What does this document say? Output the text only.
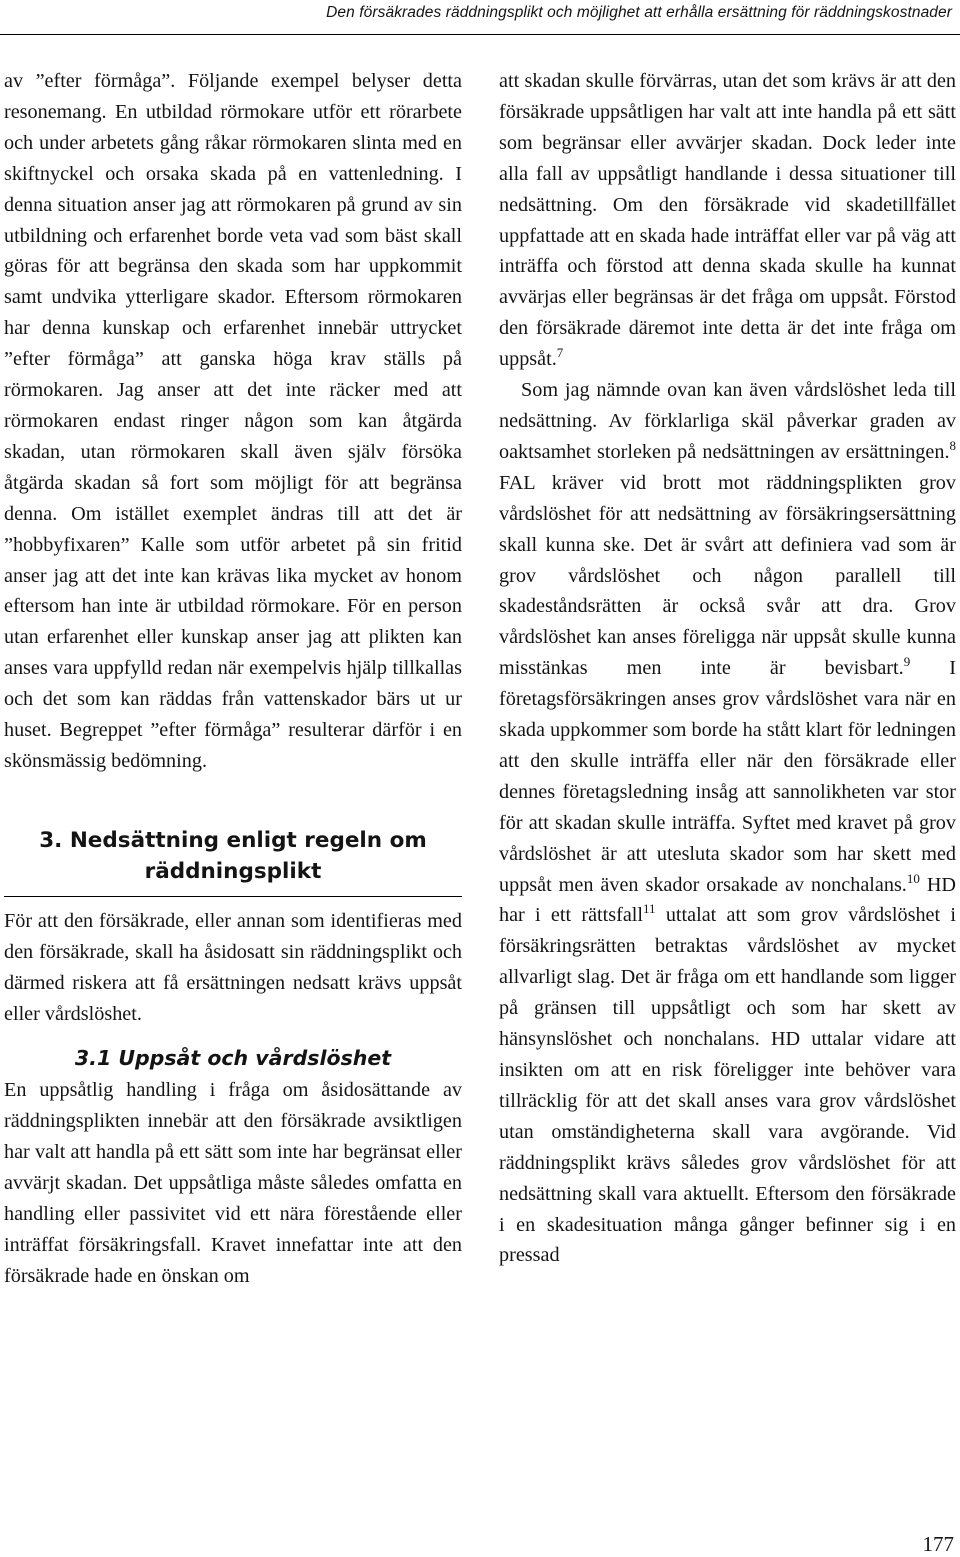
Den försäkrades räddningsplikt och möjlighet att erhålla ersättning för räddningskostnader

av ”efter förmåga”. Följande exempel belyser detta resonemang. En utbildad rörmokare utför ett rörarbete och under arbetets gång råkar rörmokaren slinta med en skiftnyckel och orsaka skada på en vattenledning. I denna situation anser jag att rörmokaren på grund av sin utbildning och erfarenhet borde veta vad som bäst skall göras för att begränsa den skada som har uppkommit samt undvika ytterligare skador. Eftersom rörmokaren har denna kunskap och erfarenhet innebär uttrycket ”efter förmåga” att ganska höga krav ställs på rörmokaren. Jag anser att det inte räcker med att rörmokaren endast ringer någon som kan åtgärda skadan, utan rörmokaren skall även själv försöka åtgärda skadan så fort som möjligt för att begränsa denna. Om istället exemplet ändras till att det är ”hobbyfixaren” Kalle som utför arbetet på sin fritid anser jag att det inte kan krävas lika mycket av honom eftersom han inte är utbildad rörmokare. För en person utan erfarenhet eller kunskap anser jag att plikten kan anses vara uppfylld redan när exempelvis hjälp tillkallas och det som kan räddas från vattenskador bärs ut ur huset. Begreppet ”efter förmåga” resulterar därför i en skönsmässig bedömning.

3. Nedsättning enligt regeln om räddningsplikt

För att den försäkrade, eller annan som identifieras med den försäkrade, skall ha åsidosatt sin räddningsplikt och därmed riskera att få ersättningen nedsatt krävs uppsåt eller vårdslöshet.

3.1 Uppsåt och vårdslöshet

En uppsåtlig handling i fråga om åsidosättande av räddningsplikten innebär att den försäkrade avsiktligen har valt att handla på ett sätt som inte har begränsat eller avvärjt skadan. Det uppsåtliga måste således omfatta en handling eller passivitet vid ett nära förestående eller inträffat försäkringsfall. Kravet innefattar inte att den försäkrade hade en önskan om

att skadan skulle förvärras, utan det som krävs är att den försäkrade uppsåtligen har valt att inte handla på ett sätt som begränsar eller avvärjer skadan. Dock leder inte alla fall av uppsåtligt handlande i dessa situationer till nedsättning. Om den försäkrade vid skadetillfället uppfattade att en skada hade inträffat eller var på väg att inträffa och förstod att denna skada skulle ha kunnat avvärjas eller begränsas är det fråga om uppsåt. Förstod den försäkrade däremot inte detta är det inte fråga om uppsåt.$^7$

Som jag nämnde ovan kan även vårdslöshet leda till nedsättning. Av förklarliga skäl påverkar graden av oaktsamhet storleken på nedsättningen av ersättningen.$^8$ FAL kräver vid brott mot räddningsplikten grov vårdslöshet för att nedsättning av försäkringsersättning skall kunna ske. Det är svårt att definiera vad som är grov vårdslöshet och någon parallell till skadeståndsrätten är också svår att dra. Grov vårdslöshet kan anses föreligga när uppsåt skulle kunna misstänkas men inte är bevisbart.$^9$ I företagsförsäkringen anses grov vårdslöshet vara när en skada uppkommer som borde ha stått klart för ledningen att den skulle inträffa eller när den försäkrade eller dennes företagsledning insåg att sannolikheten var stor för att skadan skulle inträffa. Syftet med kravet på grov vårdslöshet är att utesluta skador som har skett med uppsåt men även skador orsakade av nonchalans.$^{10}$ HD har i ett rättsfall$^{11}$ uttalat att som grov vårdslöshet i försäkringsrätten betraktas vårdslöshet av mycket allvarligt slag. Det är fråga om ett handlande som ligger på gränsen till uppsåtligt och som har skett av hänsynslöshet och nonchalans. HD uttalar vidare att insikten om att en risk föreligger inte behöver vara tillräcklig för att det skall anses vara grov vårdslöshet utan omständigheterna skall vara avgörande. Vid räddningsplikt krävs således grov vårdslöshet för att nedsättning skall vara aktuellt. Eftersom den försäkrade i en skadesituation många gånger befinner sig i en pressad

177
